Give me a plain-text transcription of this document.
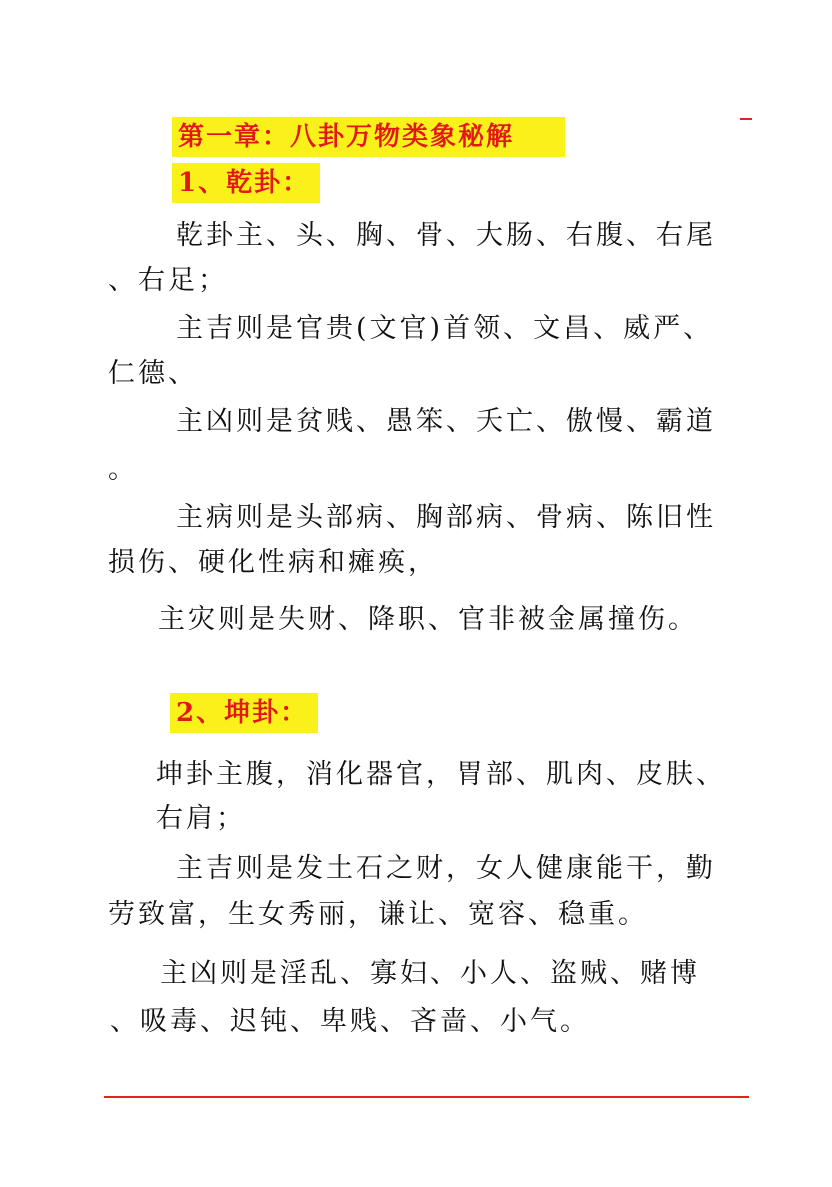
第一章：八卦万物类象秘解
1、乾卦：
乾卦主、头、胸、骨、大肠、右腹、右尾
、右足；
主吉则是官贵(文官)首领、文昌、威严、
仁德、
主凶则是贫贱、愚笨、夭亡、傲慢、霸道
。
主病则是头部病、胸部病、骨病、陈旧性
损伤、硬化性病和瘫痪，
主灾则是失财、降职、官非被金属撞伤。
2、坤卦：
坤卦主腹，消化器官，胃部、肌肉、皮肤、
右肩；
主吉则是发土石之财，女人健康能干，勤
劳致富，生女秀丽，谦让、宽容、稳重。
主凶则是淫乱、寡妇、小人、盗贼、赌博
、吸毒、迟钝、卑贱、吝啬、小气。
